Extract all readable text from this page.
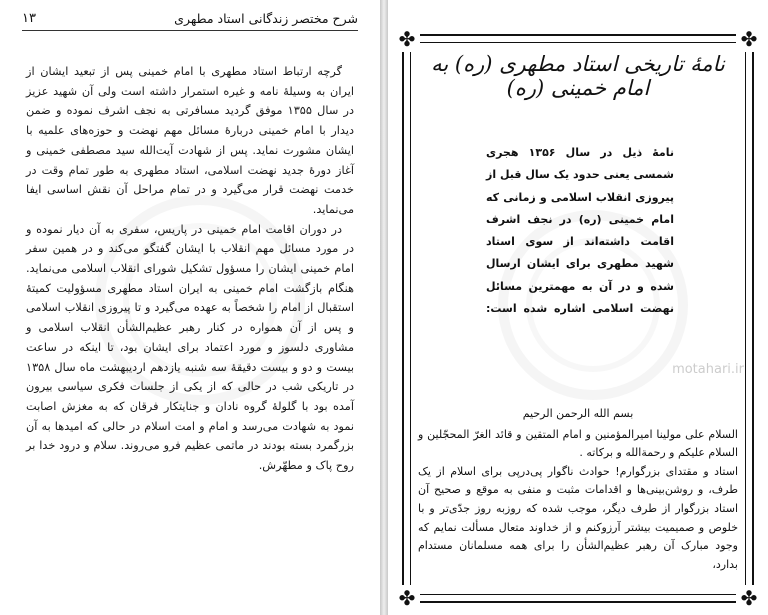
شرح مختصر زندگانی استاد مطهری
۱۳

گرچه ارتباط استاد مطهری با امام خمینی پس از تبعید ایشان از ایران به وسیلهٔ نامه و غیره استمرار داشته است ولی آن شهید عزیز در سال ۱۳۵۵ موفق گردید مسافرتی به نجف اشرف نموده و ضمن دیدار با امام خمینی دربارهٔ مسائل مهم نهضت و حوزه‌های علمیه با ایشان مشورت نماید. پس از شهادت آیت‌الله سید مصطفی خمینی و آغاز دورهٔ جدید نهضت اسلامی، استاد مطهری به طور تمام وقت در خدمت نهضت قرار می‌گیرد و در تمام مراحل آن نقش اساسی ایفا می‌نماید.

در دوران اقامت امام خمینی در پاریس، سفری به آن دیار نموده و در مورد مسائل مهم انقلاب با ایشان گفتگو می‌کند و در همین سفر امام خمینی ایشان را مسؤول تشکیل شورای انقلاب اسلامی می‌نماید. هنگام بازگشت امام خمینی به ایران استاد مطهری مسؤولیت کمیتهٔ استقبال از امام را شخصاً به عهده می‌گیرد و تا پیروزی انقلاب اسلامی و پس از آن همواره در کنار رهبر عظیم‌الشأن انقلاب اسلامی و مشاوری دلسوز و مورد اعتماد برای ایشان بود، تا اینکه در ساعت بیست و دو و بیست دقیقهٔ سه شنبه یازدهم اردیبهشت ماه سال ۱۳۵۸ در تاریکی شب در حالی که از یکی از جلسات فکری سیاسی بیرون آمده بود با گلولهٔ گروه نادان و جنایتکار فرقان که به مغزش اصابت نمود به شهادت می‌رسد و امام و امت اسلام در حالی که امیدها به آن بزرگمرد بسته بودند در ماتمی عظیم فرو می‌روند. سلام و درود خدا بر روح پاک و مطهّرش.

✤	✤
✤	✤
نامهٔ تاریخی استاد مطهری (ره) به امام خمینی (ره)
نامهٔ ذیل در سال ۱۳۵۶ هجری شمسی یعنی حدود یک سال قبل از پیروزی انقلاب اسلامی و زمانی که امام خمینی (ره) در نجف اشرف اقامت داشته‌اند از سوی استاد شهید مطهری برای ایشان ارسال شده و در آن به مهمترین مسائل نهضت اسلامی اشاره شده است:
motahari.ir

بسم الله الرحمن الرحیم

السلام علی مولینا امیرالمؤمنین و امام المتقین و قائد الغرّ المحجّلین و السلام علیکم و رحمة‌الله و برکاته .

استاد و مقتدای بزرگوارم! حوادث ناگوار پی‌درپی برای اسلام از یک طرف، و روشن‌بینی‌ها و اقدامات مثبت و منفی به موقع و صحیح آن استاد بزرگوار از طرف دیگر، موجب شده که روزبه روز جدّی‌تر و با خلوص و صمیمیت بیشتر آرزوکنم و از خداوند متعال مسألت نمایم که وجود مبارک آن رهبر عظیم‌الشأن را برای همه مسلمانان مستدام بدارد،
